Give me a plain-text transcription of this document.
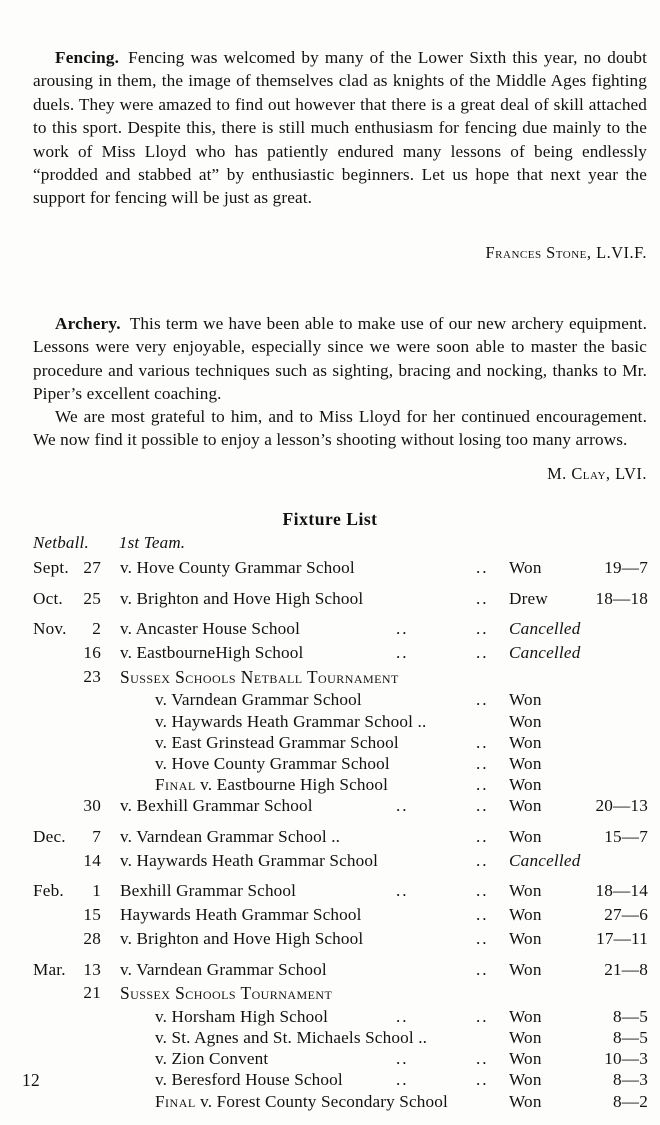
Fencing. Fencing was welcomed by many of the Lower Sixth this year, no doubt arousing in them, the image of themselves clad as knights of the Middle Ages fighting duels. They were amazed to find out however that there is a great deal of skill attached to this sport. Despite this, there is still much enthusiasm for fencing due mainly to the work of Miss Lloyd who has patiently endured many lessons of being endlessly “prodded and stabbed at” by enthusiastic beginners. Let us hope that next year the support for fencing will be just as great.

Frances Stone, L.VI.F.

Archery. This term we have been able to make use of our new archery equipment. Lessons were very enjoyable, especially since we were soon able to master the basic procedure and various techniques such as sighting, bracing and nocking, thanks to Mr. Piper’s excellent coaching.

We are most grateful to him, and to Miss Lloyd for her continued encouragement. We now find it possible to enjoy a lesson’s shooting without losing too many arrows.

M. Clay, LVI.
Fixture List
Netball. 1st Team.
Sept. 27 v. Hove County Grammar School	.. Won	19—7
Oct.	25 v. Brighton and Hove High School	.. Drew	18—18
Nov.	2 v. Ancaster House School	..	.. Cancelled
16 v. EastbourneHigh School	..	.. Cancelled
23 Sussex Schools Netball Tournament
v. Varndean Grammar School	.. Won
v. Haywards Heath Grammar School ..	Won
v. East Grinstead Grammar School	.. Won
v. Hove County Grammar School	.. Won
Final v. Eastbourne High School	.. Won
30 v. Bexhill Grammar School	..	.. Won	20—13
Dec.	7 v. Varndean Grammar School ..	.. Won	15—7
14 v. Haywards Heath Grammar School	.. Cancelled
Feb.	1 Bexhill Grammar School	..	.. Won	18—14
15 Haywards Heath Grammar School	.. Won	27—6
28 v. Brighton and Hove High School	.. Won	17—11
Mar.	13 v. Varndean Grammar School	.. Won	21—8
21 Sussex Schools Tournament
v. Horsham High School	..	.. Won	8—5
v. St. Agnes and St. Michaels School ..	Won	8—5
v. Zion Convent	..	.. Won	10—3
v. Beresford House School	..	.. Won	8—3
Final v. Forest County Secondary School	Won	8—2
12
